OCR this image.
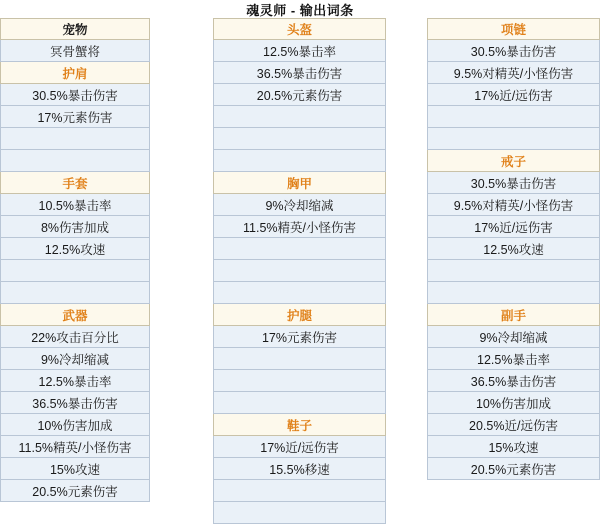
魂灵师 - 输出词条
宠物
冥骨蟹将
护肩
30.5%暴击伤害
17%元素伤害
手套
10.5%暴击率
8%伤害加成
12.5%攻速
武器
22%攻击百分比
9%冷却缩减
12.5%暴击率
36.5%暴击伤害
10%伤害加成
11.5%精英/小怪伤害
15%攻速
20.5%元素伤害
头盔
12.5%暴击率
36.5%暴击伤害
20.5%元素伤害
胸甲
9%冷却缩减
11.5%精英/小怪伤害
护腿
17%元素伤害
鞋子
17%近/远伤害
15.5%移速
项链
30.5%暴击伤害
9.5%对精英/小怪伤害
17%近/远伤害
戒子
30.5%暴击伤害
9.5%对精英/小怪伤害
17%近/远伤害
12.5%攻速
副手
9%冷却缩减
12.5%暴击率
36.5%暴击伤害
10%伤害加成
20.5%近/远伤害
15%攻速
20.5%元素伤害
